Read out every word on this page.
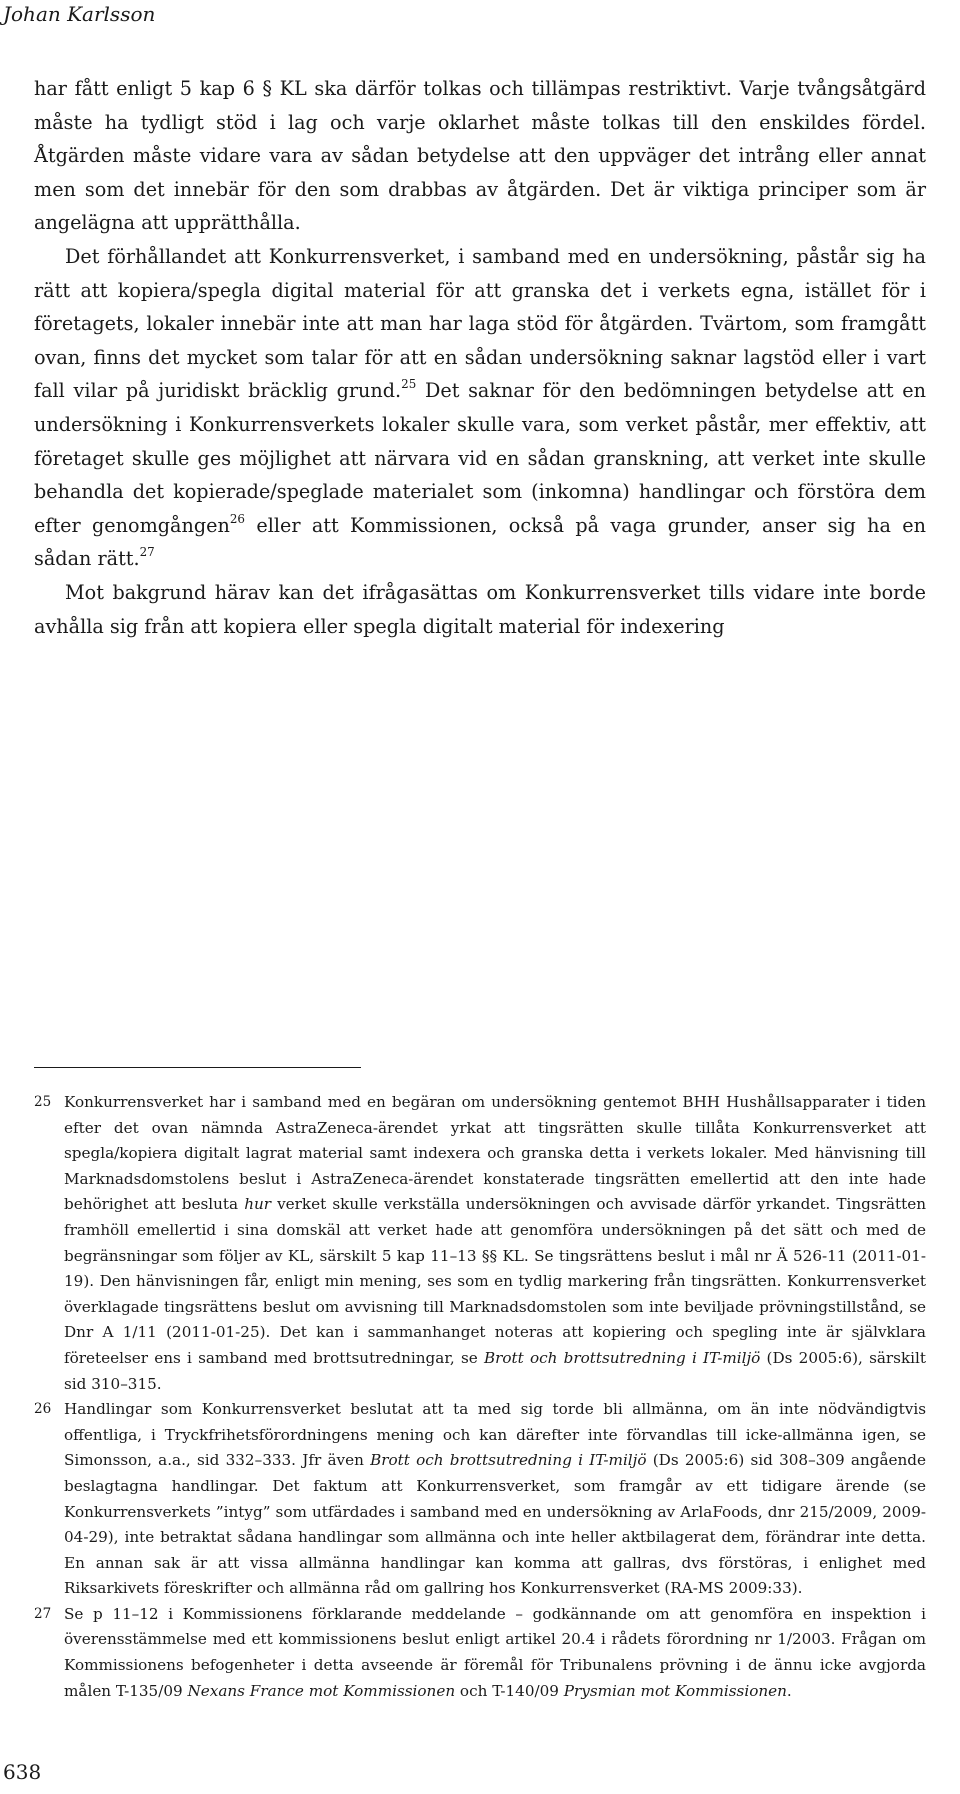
Johan Karlsson

har fått enligt 5 kap 6 § KL ska därför tolkas och tillämpas restriktivt. Varje tvångsåtgärd måste ha tydligt stöd i lag och varje oklarhet måste tolkas till den enskildes fördel. Åtgärden måste vidare vara av sådan betydelse att den uppväger det intrång eller annat men som det innebär för den som drabbas av åtgärden. Det är viktiga principer som är angelägna att upprätthålla.

Det förhållandet att Konkurrensverket, i samband med en undersökning, påstår sig ha rätt att kopiera/spegla digital material för att granska det i verkets egna, istället för i företagets, lokaler innebär inte att man har laga stöd för åtgärden. Tvärtom, som framgått ovan, finns det mycket som talar för att en sådan undersökning saknar lagstöd eller i vart fall vilar på juridiskt bräcklig grund.$^{25}$ Det saknar för den bedömningen betydelse att en undersökning i Konkurrensverkets lokaler skulle vara, som verket påstår, mer effektiv, att företaget skulle ges möjlighet att närvara vid en sådan granskning, att verket inte skulle behandla det kopierade/speglade materialet som (inkomna) handlingar och förstöra dem efter genomgången$^{26}$ eller att Kommissionen, också på vaga grunder, anser sig ha en sådan rätt.$^{27}$

Mot bakgrund härav kan det ifrågasättas om Konkurrensverket tills vidare inte borde avhålla sig från att kopiera eller spegla digitalt material för indexering

25 Konkurrensverket har i samband med en begäran om undersökning gentemot BHH Hushållsapparater i tiden efter det ovan nämnda AstraZeneca-ärendet yrkat att tingsrätten skulle tillåta Konkurrensverket att spegla/kopiera digitalt lagrat material samt indexera och granska detta i verkets lokaler. Med hänvisning till Marknadsdomstolens beslut i AstraZeneca-ärendet konstaterade tingsrätten emellertid att den inte hade behörighet att besluta hur verket skulle verkställa undersökningen och avvisade därför yrkandet. Tingsrätten framhöll emellertid i sina domskäl att verket hade att genomföra undersökningen på det sätt och med de begränsningar som följer av KL, särskilt 5 kap 11–13 §§ KL. Se tingsrättens beslut i mål nr Ä 526-11 (2011-01-19). Den hänvisningen får, enligt min mening, ses som en tydlig markering från tingsrätten. Konkurrensverket överklagade tingsrättens beslut om avvisning till Marknadsdomstolen som inte beviljade prövningstillstånd, se Dnr A 1/11 (2011-01-25). Det kan i sammanhanget noteras att kopiering och spegling inte är självklara företeelser ens i samband med brottsutredningar, se Brott och brottsutredning i IT-miljö (Ds 2005:6), särskilt sid 310–315.
26 Handlingar som Konkurrensverket beslutat att ta med sig torde bli allmänna, om än inte nödvändigtvis offentliga, i Tryckfrihetsförordningens mening och kan därefter inte förvandlas till icke-allmänna igen, se Simonsson, a.a., sid 332–333. Jfr även Brott och brottsutredning i IT-miljö (Ds 2005:6) sid 308–309 angående beslagtagna handlingar. Det faktum att Konkurrensverket, som framgår av ett tidigare ärende (se Konkurrensverkets ”intyg” som utfärdades i samband med en undersökning av ArlaFoods, dnr 215/2009, 2009-04-29), inte betraktat sådana handlingar som allmänna och inte heller aktbilagerat dem, förändrar inte detta. En annan sak är att vissa allmänna handlingar kan komma att gallras, dvs förstöras, i enlighet med Riksarkivets föreskrifter och allmänna råd om gallring hos Konkurrensverket (RA-MS 2009:33).
27 Se p 11–12 i Kommissionens förklarande meddelande – godkännande om att genomföra en inspektion i överensstämmelse med ett kommissionens beslut enligt artikel 20.4 i rådets förordning nr 1/2003. Frågan om Kommissionens befogenheter i detta avseende är föremål för Tribunalens prövning i de ännu icke avgjorda målen T-135/09 Nexans France mot Kommissionen och T-140/09 Prysmian mot Kommissionen.
638
